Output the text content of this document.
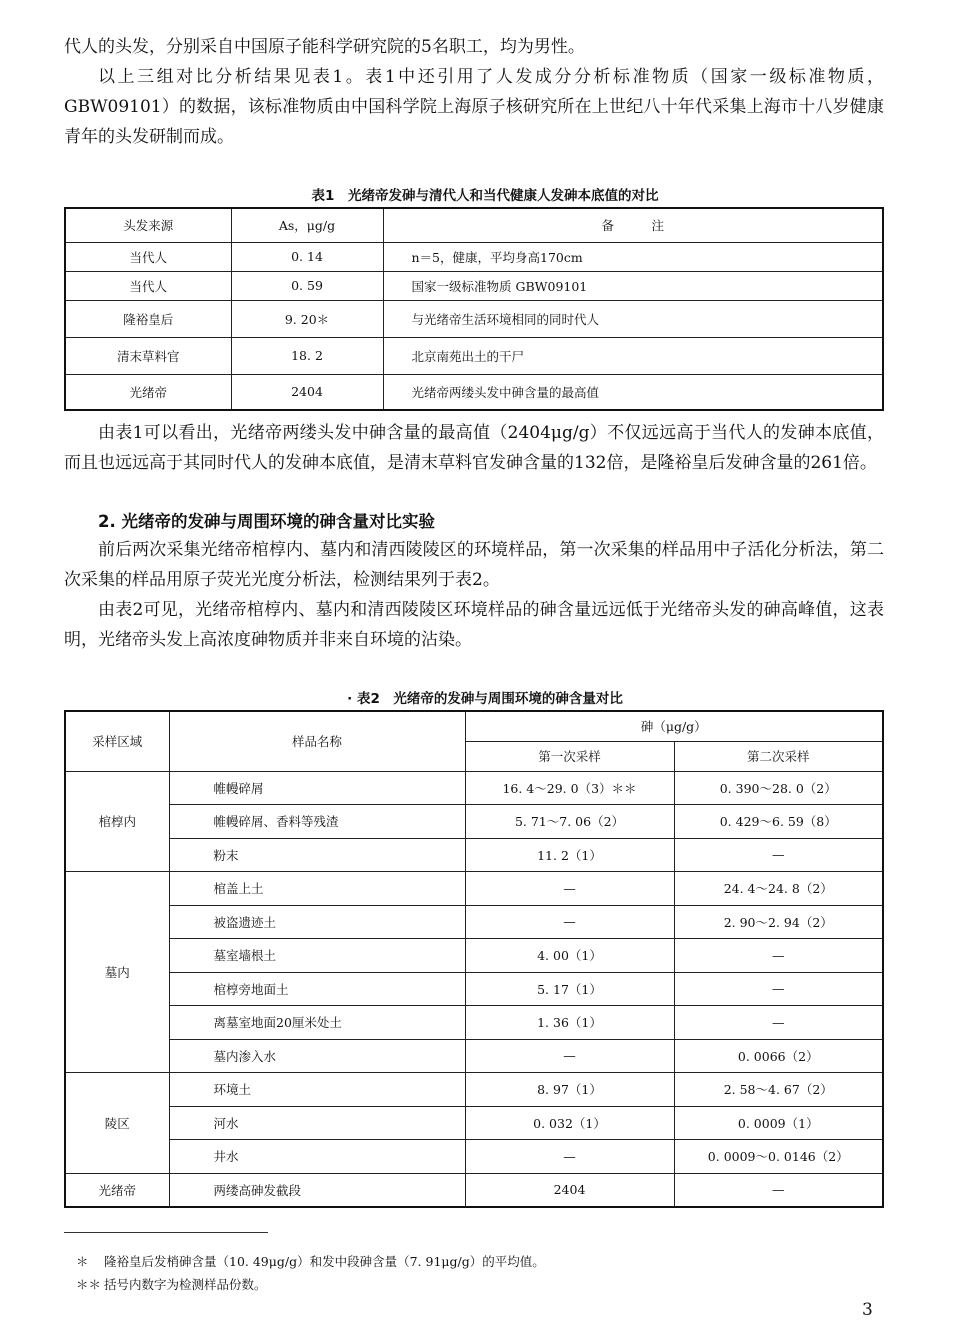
代人的头发，分别采自中国原子能科学研究院的5名职工，均为男性。

以上三组对比分析结果见表1。表1中还引用了人发成分分析标准物质（国家一级标准物质，GBW09101）的数据，该标准物质由中国科学院上海原子核研究所在上世纪八十年代采集上海市十八岁健康青年的头发研制而成。

表1　光绪帝发砷与清代人和当代健康人发砷本底值的对比
头发来源	As，μg/g	备　　　注
当代人	0. 14	n＝5，健康，平均身高170cm
当代人	0. 59	国家一级标准物质 GBW09101
隆裕皇后	9. 20＊	与光绪帝生活环境相同的同时代人
清末草料官	18. 2	北京南苑出土的干尸
光绪帝	2404	光绪帝两缕头发中砷含量的最高值

由表1可以看出，光绪帝两缕头发中砷含量的最高值（2404μg/g）不仅远远高于当代人的发砷本底值，而且也远远高于其同时代人的发砷本底值，是清末草料官发砷含量的132倍，是隆裕皇后发砷含量的261倍。

2. 光绪帝的发砷与周围环境的砷含量对比实验

前后两次采集光绪帝棺椁内、墓内和清西陵陵区的环境样品，第一次采集的样品用中子活化分析法，第二次采集的样品用原子荧光光度分析法，检测结果列于表2。

由表2可见，光绪帝棺椁内、墓内和清西陵陵区环境样品的砷含量远远低于光绪帝头发的砷高峰值，这表明，光绪帝头发上高浓度砷物质并非来自环境的沾染。

· 表2　光绪帝的发砷与周围环境的砷含量对比
采样区域	样品名称	砷（μg/g）	
		第一次采样	第二次采样
棺椁内	帷幔碎屑	16. 4～29. 0（3）＊＊	0. 390～28. 0（2）
	帷幔碎屑、香料等残渣	5. 71～7. 06（2）	0. 429～6. 59（8）
	粉末	11. 2（1）	—
墓内	棺盖上土	—	24. 4～24. 8（2）
	被盗遗迹土	—	2. 90～2. 94（2）
	墓室墙根土	4. 00（1）	—
	棺椁旁地面土	5. 17（1）	—
	离墓室地面20厘米处土	1. 36（1）	—
	墓内渗入水	—	0. 0066（2）
陵区	环境土	8. 97（1）	2. 58～4. 67（2）
	河水	0. 032（1）	0. 0009（1）
	井水	—	0. 0009～0. 0146（2）
光绪帝	两缕高砷发截段	2404	—
＊ 隆裕皇后发梢砷含量（10. 49μg/g）和发中段砷含量（7. 91μg/g）的平均值。
＊＊ 括号内数字为检测样品份数。
3
